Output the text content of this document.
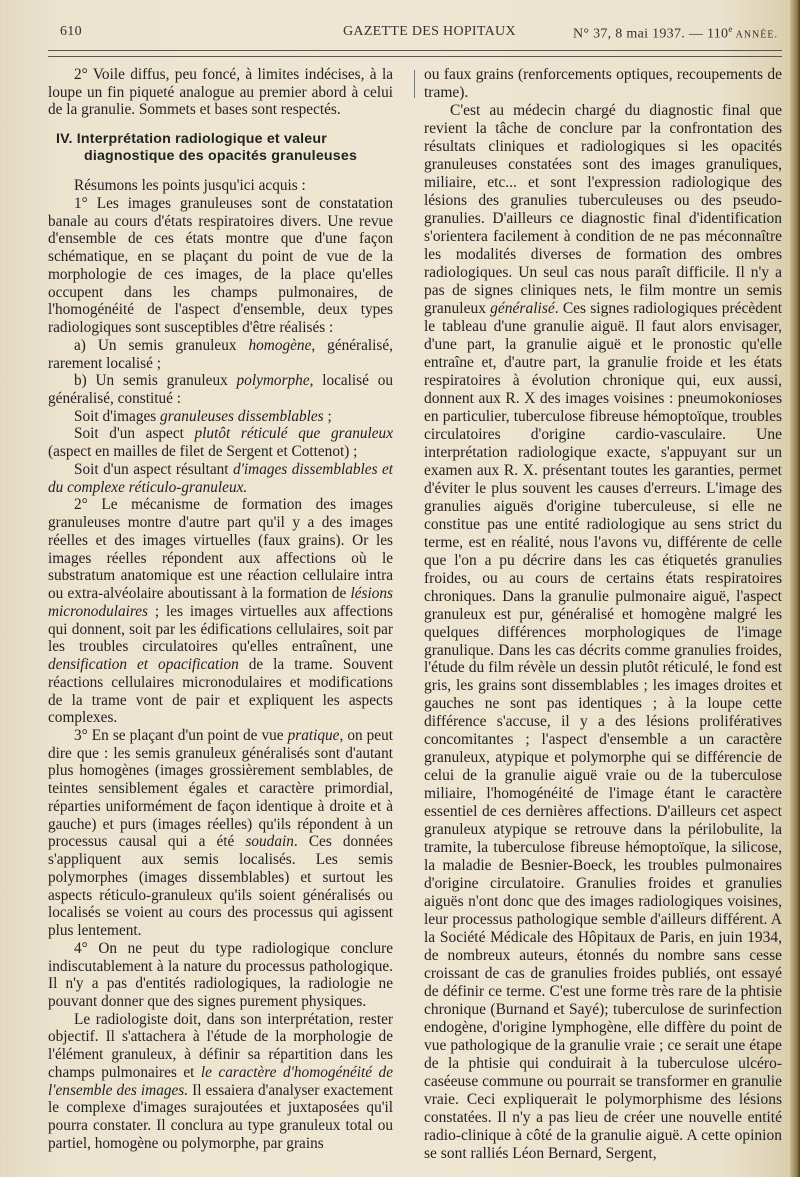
610	GAZETTE DES HOPITAUX	N° 37, 8 mai 1937. — 110e ANNÉE.

2° Voile diffus, peu foncé, à limites indécises, à la loupe un fin piqueté analogue au premier abord à celui de la granulie. Sommets et bases sont respectés.

IV. Interprétation radiologique et valeur
diagnostique des opacités granuleuses

Résumons les points jusqu'ici acquis :

1° Les images granuleuses sont de constatation banale au cours d'états respiratoires divers. Une revue d'ensemble de ces états montre que d'une façon schématique, en se plaçant du point de vue de la morphologie de ces images, de la place qu'elles occupent dans les champs pulmonaires, de l'homogénéité de l'aspect d'ensemble, deux types radiologiques sont susceptibles d'être réalisés :

a) Un semis granuleux homogène, généralisé, rarement localisé ;

b) Un semis granuleux polymorphe, localisé ou généralisé, constitué :

Soit d'images granuleuses dissemblables ;

Soit d'un aspect plutôt réticulé que granuleux (aspect en mailles de filet de Sergent et Cottenot) ;

Soit d'un aspect résultant d'images dissemblables et du complexe réticulo-granuleux.

2° Le mécanisme de formation des images granuleuses montre d'autre part qu'il y a des images réelles et des images virtuelles (faux grains). Or les images réelles répondent aux affections où le substratum anatomique est une réaction cellulaire intra ou extra-alvéolaire aboutissant à la formation de lésions micronodulaires ; les images virtuelles aux affections qui donnent, soit par les édifications cellulaires, soit par les troubles circulatoires qu'elles entraînent, une densification et opacification de la trame. Souvent réactions cellulaires micronodulaires et modifications de la trame vont de pair et expliquent les aspects complexes.

3° En se plaçant d'un point de vue pratique, on peut dire que : les semis granuleux généralisés sont d'autant plus homogènes (images grossièrement semblables, de teintes sensiblement égales et caractère primordial, réparties uniformément de façon identique à droite et à gauche) et purs (images réelles) qu'ils répondent à un processus causal qui a été soudain. Ces données s'appliquent aux semis localisés. Les semis polymorphes (images dissemblables) et surtout les aspects réticulo-granuleux qu'ils soient généralisés ou localisés se voient au cours des processus qui agissent plus lentement.

4° On ne peut du type radiologique conclure indiscutablement à la nature du processus pathologique. Il n'y a pas d'entités radiologiques, la radiologie ne pouvant donner que des signes purement physiques.

Le radiologiste doit, dans son interprétation, rester objectif. Il s'attachera à l'étude de la morphologie de l'élément granuleux, à définir sa répartition dans les champs pulmonaires et le caractère d'homogénéité de l'ensemble des images. Il essaiera d'analyser exactement le complexe d'images surajoutées et juxtaposées qu'il pourra constater. Il conclura au type granuleux total ou partiel, homogène ou polymorphe, par grains

ou faux grains (renforcements optiques, recoupements de trame).

C'est au médecin chargé du diagnostic final que revient la tâche de conclure par la confrontation des résultats cliniques et radiologiques si les opacités granuleuses constatées sont des images granuliques, miliaire, etc... et sont l'expression radiologique des lésions des granulies tuberculeuses ou des pseudo-granulies. D'ailleurs ce diagnostic final d'identification s'orientera facilement à condition de ne pas méconnaître les modalités diverses de formation des ombres radiologiques. Un seul cas nous paraît difficile. Il n'y a pas de signes cliniques nets, le film montre un semis granuleux généralisé. Ces signes radiologiques précèdent le tableau d'une granulie aiguë. Il faut alors envisager, d'une part, la granulie aiguë et le pronostic qu'elle entraîne et, d'autre part, la granulie froide et les états respiratoires à évolution chronique qui, eux aussi, donnent aux R. X des images voisines : pneumokonioses en particulier, tuberculose fibreuse hémoptoïque, troubles circulatoires d'origine cardio-vasculaire. Une interprétation radiologique exacte, s'appuyant sur un examen aux R. X. présentant toutes les garanties, permet d'éviter le plus souvent les causes d'erreurs. L'image des granulies aiguës d'origine tuberculeuse, si elle ne constitue pas une entité radiologique au sens strict du terme, est en réalité, nous l'avons vu, différente de celle que l'on a pu décrire dans les cas étiquetés granulies froides, ou au cours de certains états respiratoires chroniques. Dans la granulie pulmonaire aiguë, l'aspect granuleux est pur, généralisé et homogène malgré les quelques différences morphologiques de l'image granulique. Dans les cas décrits comme granulies froides, l'étude du film révèle un dessin plutôt réticulé, le fond est gris, les grains sont dissemblables ; les images droites et gauches ne sont pas identiques ; à la loupe cette différence s'accuse, il y a des lésions prolifératives concomitantes ; l'aspect d'ensemble a un caractère granuleux, atypique et polymorphe qui se différencie de celui de la granulie aiguë vraie ou de la tuberculose miliaire, l'homogénéité de l'image étant le caractère essentiel de ces dernières affections. D'ailleurs cet aspect granuleux atypique se retrouve dans la périlobulite, la tramite, la tuberculose fibreuse hémoptoïque, la silicose, la maladie de Besnier-Boeck, les troubles pulmonaires d'origine circulatoire. Granulies froides et granulies aiguës n'ont donc que des images radiologiques voisines, leur processus pathologique semble d'ailleurs différent. A la Société Médicale des Hôpitaux de Paris, en juin 1934, de nombreux auteurs, étonnés du nombre sans cesse croissant de cas de granulies froides publiés, ont essayé de définir ce terme. C'est une forme très rare de la phtisie chronique (Burnand et Sayé); tuberculose de surinfection endogène, d'origine lymphogène, elle diffère du point de vue pathologique de la granulie vraie ; ce serait une étape de la phtisie qui conduirait à la tuberculose ulcéro-caséeuse commune ou pourrait se transformer en granulie vraie. Ceci expliquerait le polymorphisme des lésions constatées. Il n'y a pas lieu de créer une nouvelle entité radio-clinique à côté de la granulie aiguë. A cette opinion se sont ralliés Léon Bernard, Sergent,
